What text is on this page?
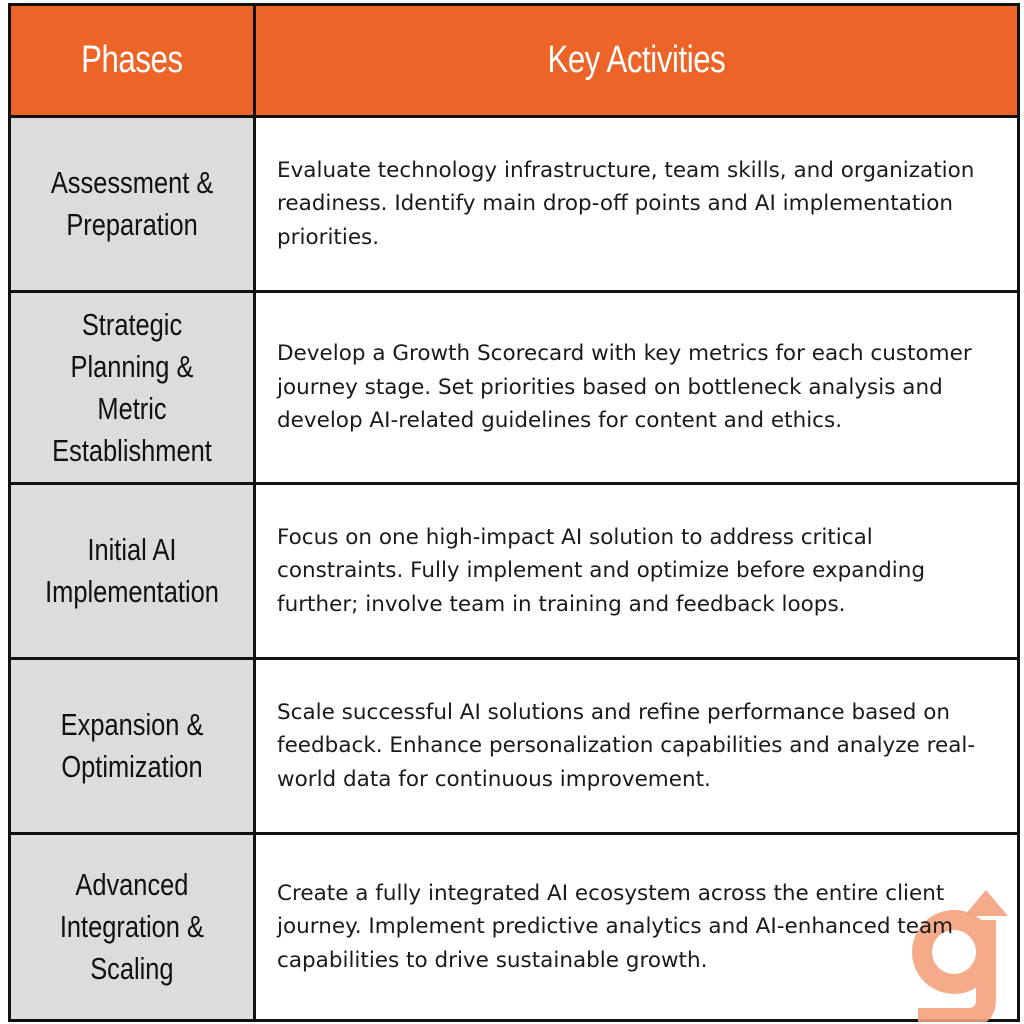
Phases	Key Activities
Assessment &
Preparation	Evaluate technology infrastructure, team skills, and organization readiness. Identify main drop-off points and AI implementation priorities.

Strategic
Planning & Metric
Establishment	Develop a Growth Scorecard with key metrics for each customer journey stage. Set priorities based on bottleneck analysis and develop AI-related guidelines for content and ethics.

Initial AI
Implementation	Focus on one high-impact AI solution to address critical constraints. Fully implement and optimize before expanding further; involve team in training and feedback loops.

Expansion &
Optimization	Scale successful AI solutions and refine performance based on feedback. Enhance personalization capabilities and analyze real-world data for continuous improvement.

Advanced
Integration &
Scaling	Create a fully integrated AI ecosystem across the entire client journey. Implement predictive analytics and AI-enhanced team capabilities to drive sustainable growth.
